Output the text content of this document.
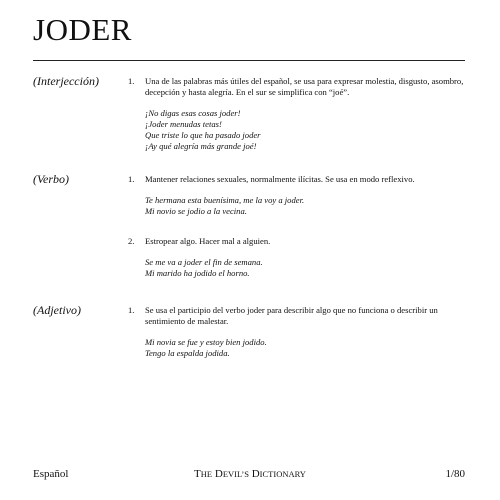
JODER
(Interjección)	1. Una de las palabras más útiles del español, se usa para expresar molestia, disgusto, asombro, decepción y hasta alegría. En el sur se simplifica con “joé”.
¡No digas esas cosas joder!
¡Joder menudas tetas!
Que triste lo que ha pasado joder
¡Ay qué alegría más grande joé!
(Verbo)	1. Mantener relaciones sexuales, normalmente ilícitas. Se usa en modo reflexivo.
Te hermana esta buenísima, me la voy a joder.
Mi novio se jodio a la vecina.
2. Estropear algo. Hacer mal a alguien.
Se me va a joder el fin de semana.
Mi marido ha jodido el horno.
(Adjetivo)	1. Se usa el participio del verbo joder para describir algo que no funciona o describir un sentimiento de malestar.
Mi novia se fue y estoy bien jodido.
Tengo la espalda jodida.
Español	THE DEVIL’S DICTIONARY	1/80
